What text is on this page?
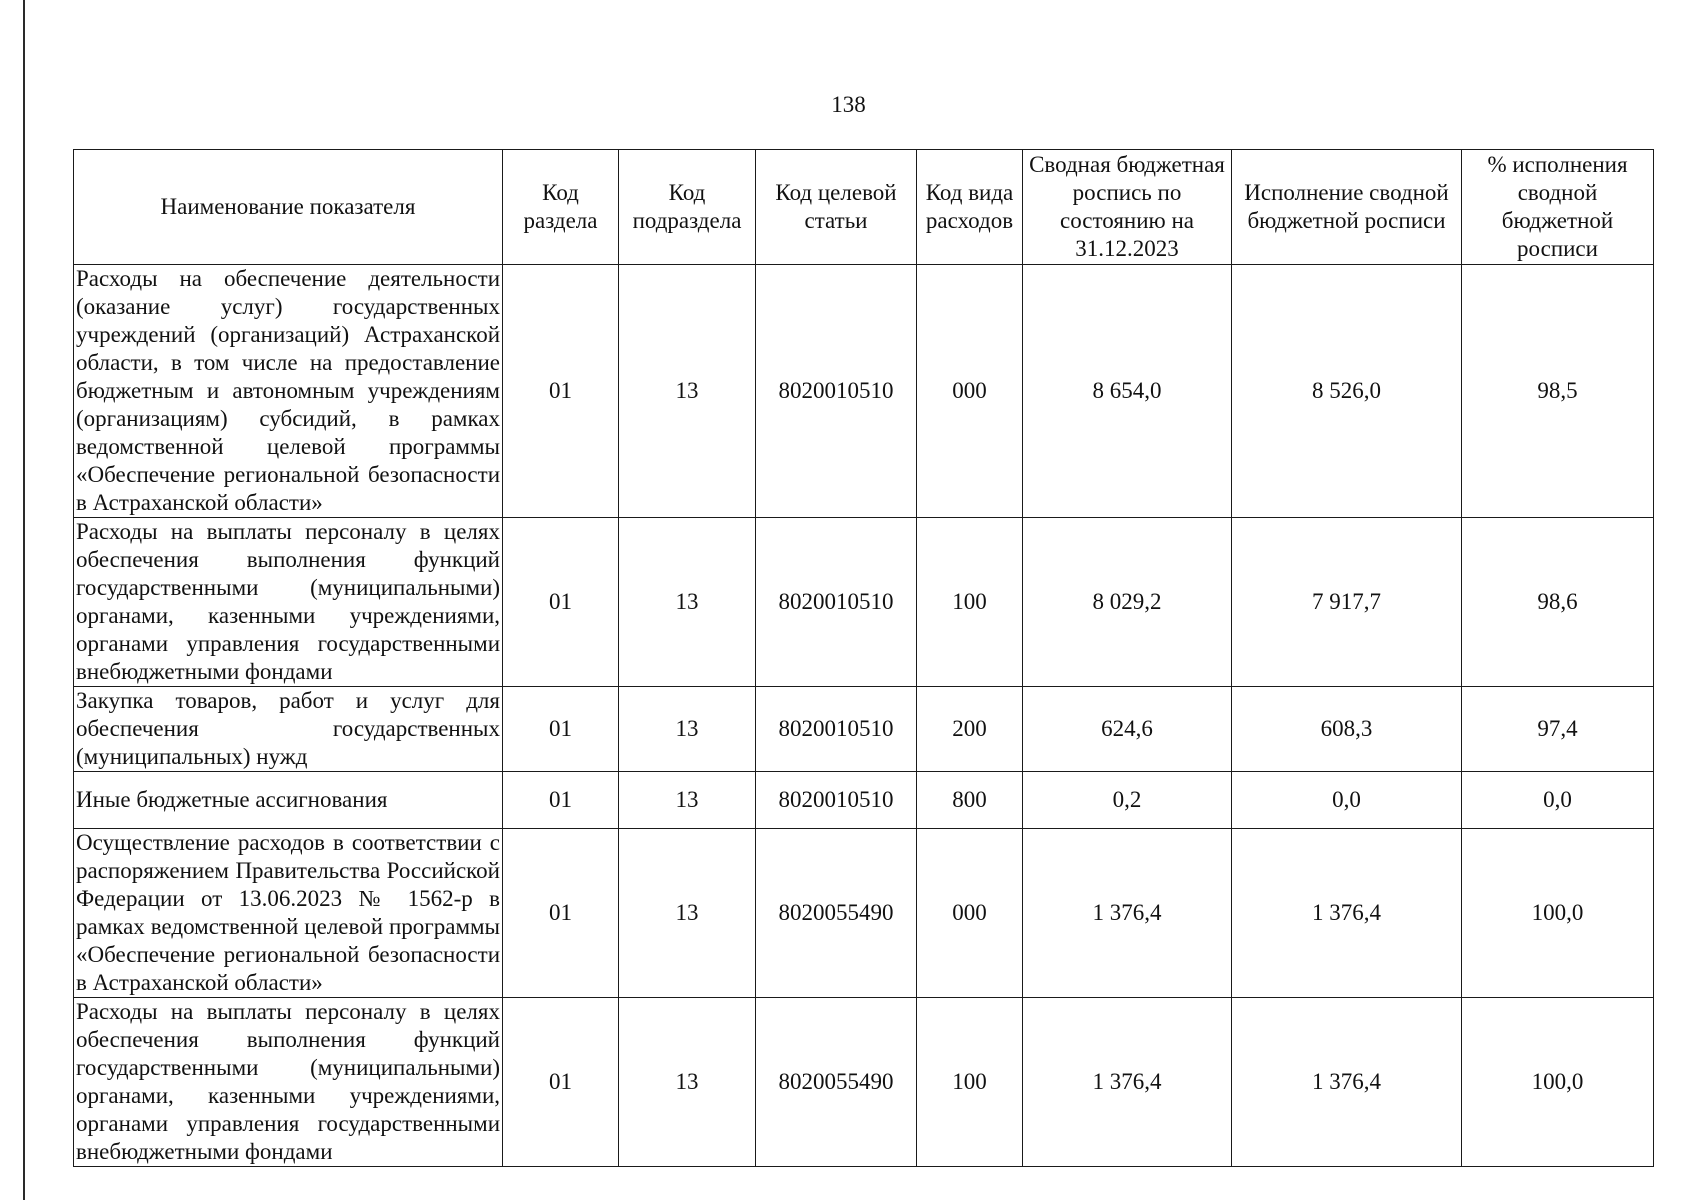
138
Наименование показателя	Код раздела	Код подраздела	Код целевой статьи	Код вида расходов	Сводная бюджетная роспись по состоянию на 31.12.2023	Исполнение сводной бюджетной росписи	% исполнения сводной бюджетной росписи
Расходы на обеспечение деятельности (оказание услуг) государственных учреждений (организаций) Астраханской области, в том числе на предоставление бюджетным и автономным учреждениям (организациям) субсидий, в рамках ведомственной целевой программы «Обеспечение региональной безопасности в Астраханской области»	01	13	8020010510	000	8 654,0	8 526,0	98,5
Расходы на выплаты персоналу в целях обеспечения выполнения функций государственными (муниципальными) органами, казенными учреждениями, органами управления государственными внебюджетными фондами	01	13	8020010510	100	8 029,2	7 917,7	98,6
Закупка товаров, работ и услуг для обеспечения государственных (муниципальных) нужд	01	13	8020010510	200	624,6	608,3	97,4
Иные бюджетные ассигнования	01	13	8020010510	800	0,2	0,0	0,0
Осуществление расходов в соответствии с распоряжением Правительства Российской Федерации от 13.06.2023 № 1562-р в рамках ведомственной целевой программы «Обеспечение региональной безопасности в Астраханской области»	01	13	8020055490	000	1 376,4	1 376,4	100,0
Расходы на выплаты персоналу в целях обеспечения выполнения функций государственными (муниципальными) органами, казенными учреждениями, органами управления государственными внебюджетными фондами	01	13	8020055490	100	1 376,4	1 376,4	100,0
